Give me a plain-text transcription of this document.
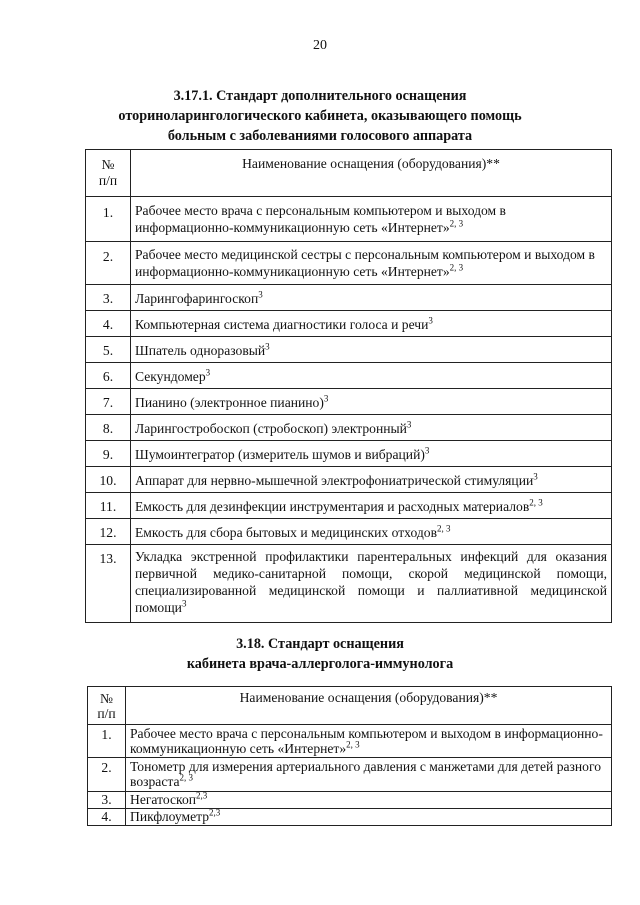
20
3.17.1. Стандарт дополнительного оснащения
оториноларингологического кабинета, оказывающего помощь
больным с заболеваниями голосового аппарата
№
п/п	Наименование оснащения (оборудования)**
1.	Рабочее место врача с персональным компьютером и выходом в информационно-коммуникационную сеть «Интернет»$^{2, 3}$
2.	Рабочее место медицинской сестры с персональным компьютером и выходом в информационно-коммуникационную сеть «Интернет»$^{2, 3}$
3.	Ларингофарингоскоп$^3$
4.	Компьютерная система диагностики голоса и речи$^3$
5.	Шпатель одноразовый$^3$
6.	Секундомер$^3$
7.	Пианино (электронное пианино)$^3$
8.	Ларингостробоскоп (стробоскоп) электронный$^3$
9.	Шумоинтегратор (измеритель шумов и вибраций)$^3$
10.	Аппарат для нервно-мышечной электрофониатрической стимуляции$^3$
11.	Емкость для дезинфекции инструментария и расходных материалов$^{2, 3}$
12.	Емкость для сбора бытовых и медицинских отходов$^{2, 3}$
13.	Укладка экстренной профилактики парентеральных инфекций для оказания первичной медико-санитарной помощи, скорой медицинской помощи, специализированной медицинской помощи и паллиативной медицинской помощи$^3$
3.18. Стандарт оснащения
кабинета врача-аллерголога-иммунолога
№
п/п	Наименование оснащения (оборудования)**
1.	Рабочее место врача с персональным компьютером и выходом в информационно-коммуникационную сеть «Интернет»$^{2, 3}$
2.	Тонометр для измерения артериального давления с манжетами для детей разного возраста$^{2, 3}$
3.	Негатоскоп$^{2,3}$
4.	Пикфлоуметр$^{2,3}$
